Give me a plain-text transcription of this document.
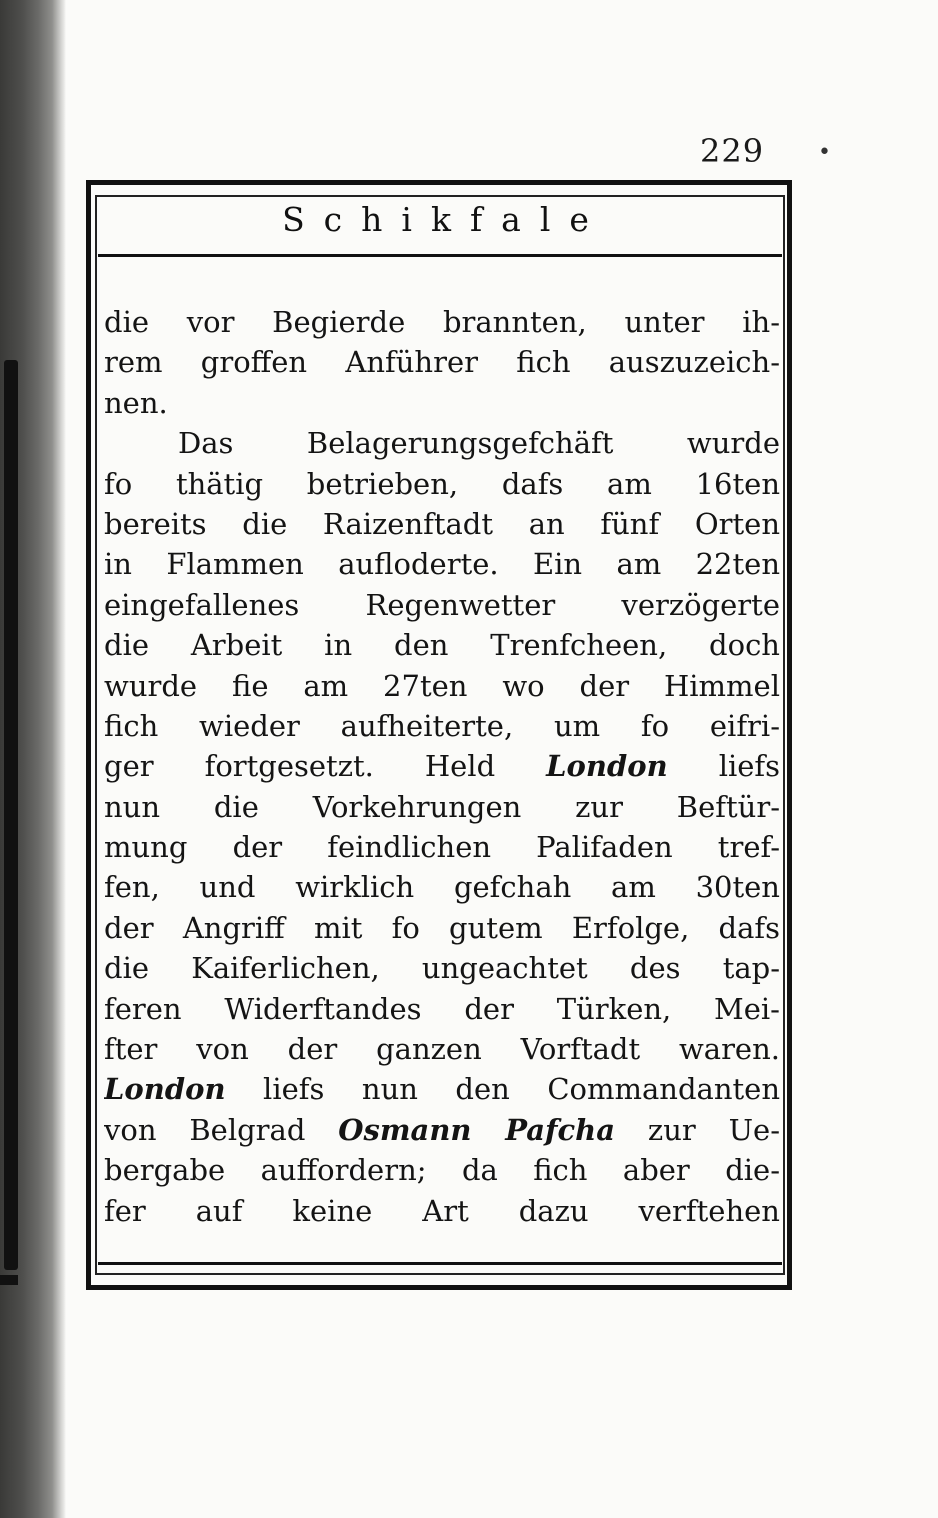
229 •
Schikfale
die vor Begierde brannten, unter ih-
rem groffen Anführer fich auszuzeich-
nen.
Das Belagerungsgefchäft wurde
fo thätig betrieben, dafs am 16ten
bereits die Raizenftadt an fünf Orten
in Flammen aufloderte. Ein am 22ten
eingefallenes Regenwetter verzögerte
die Arbeit in den Trenfcheen, doch
wurde fie am 27ten wo der Himmel
fich wieder aufheiterte, um fo eifri-
ger fortgesetzt. Held London liefs
nun die Vorkehrungen zur Beftür-
mung der feindlichen Palifaden tref-
fen, und wirklich gefchah am 30ten
der Angriff mit fo gutem Erfolge, dafs
die Kaiferlichen, ungeachtet des tap-
feren Widerftandes der Türken, Mei-
fter von der ganzen Vorftadt waren.
London liefs nun den Commandanten
von Belgrad Osmann Pafcha zur Ue-
bergabe auffordern; da fich aber die-
fer auf keine Art dazu verftehen
